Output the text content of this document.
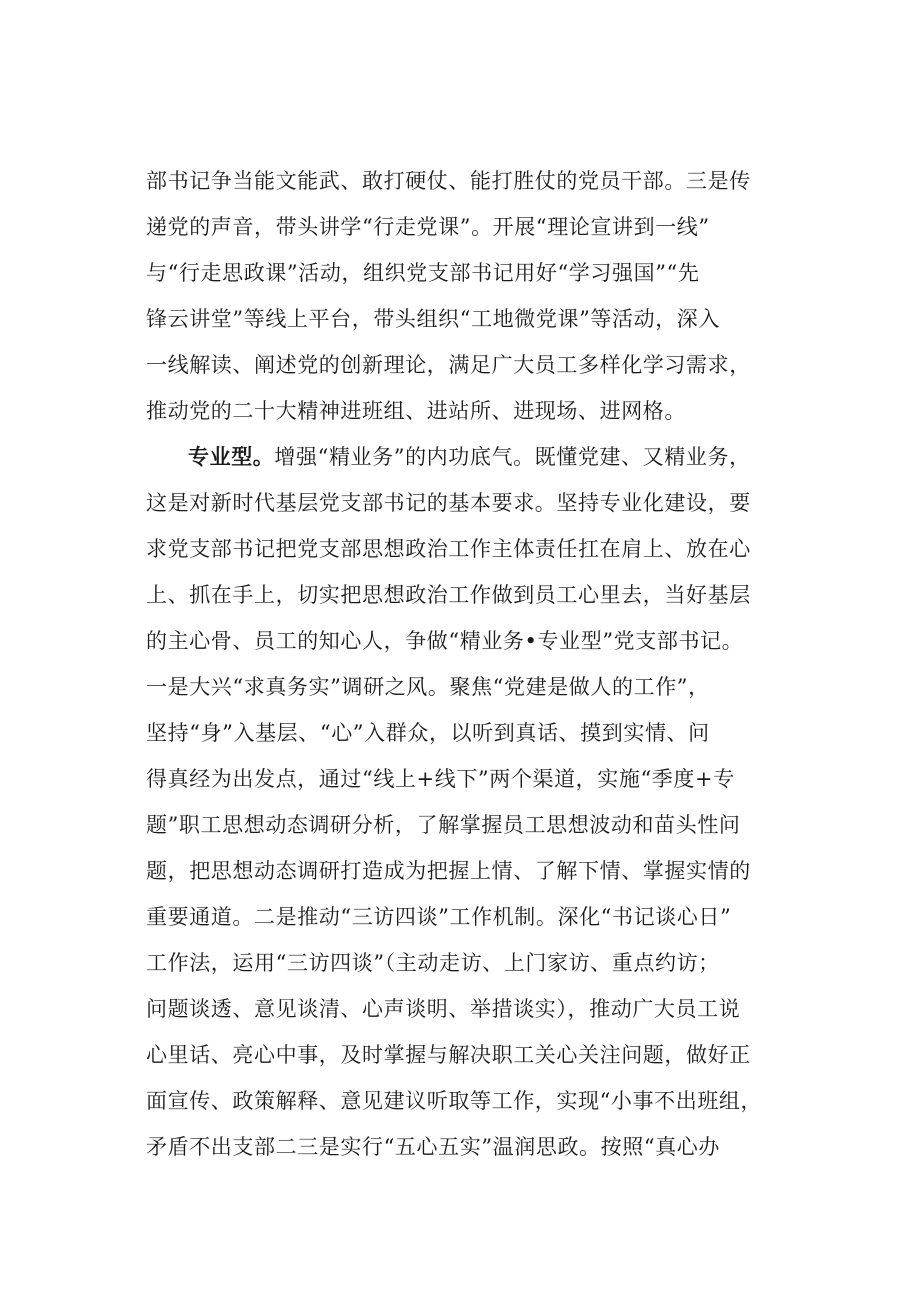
部书记争当能文能武、敢打硬仗、能打胜仗的党员干部。三是传
递党的声音，带头讲学“行走党课”。开展“理论宣讲到一线”
与“行走思政课”活动，组织党支部书记用好“学习强国”“先
锋云讲堂”等线上平台，带头组织“工地微党课”等活动，深入
一线解读、阐述党的创新理论，满足广大员工多样化学习需求，
推动党的二十大精神进班组、进站所、进现场、进网格。
专业型。增强“精业务”的内功底气。既懂党建、又精业务，
这是对新时代基层党支部书记的基本要求。坚持专业化建设，要
求党支部书记把党支部思想政治工作主体责任扛在肩上、放在心
上、抓在手上，切实把思想政治工作做到员工心里去，当好基层
的主心骨、员工的知心人，争做“精业务•专业型”党支部书记。
一是大兴“求真务实”调研之风。聚焦“党建是做人的工作”，
坚持“身”入基层、“心”入群众，以听到真话、摸到实情、问
得真经为出发点，通过“线上+线下”两个渠道，实施“季度+专
题”职工思想动态调研分析，了解掌握员工思想波动和苗头性问
题，把思想动态调研打造成为把握上情、了解下情、掌握实情的
重要通道。二是推动“三访四谈”工作机制。深化“书记谈心日”
工作法，运用“三访四谈”（主动走访、上门家访、重点约访；
问题谈透、意见谈清、心声谈明、举措谈实），推动广大员工说
心里话、亮心中事，及时掌握与解决职工关心关注问题，做好正
面宣传、政策解释、意见建议听取等工作，实现“小事不出班组，
矛盾不出支部二三是实行“五心五实”温润思政。按照“真心办
